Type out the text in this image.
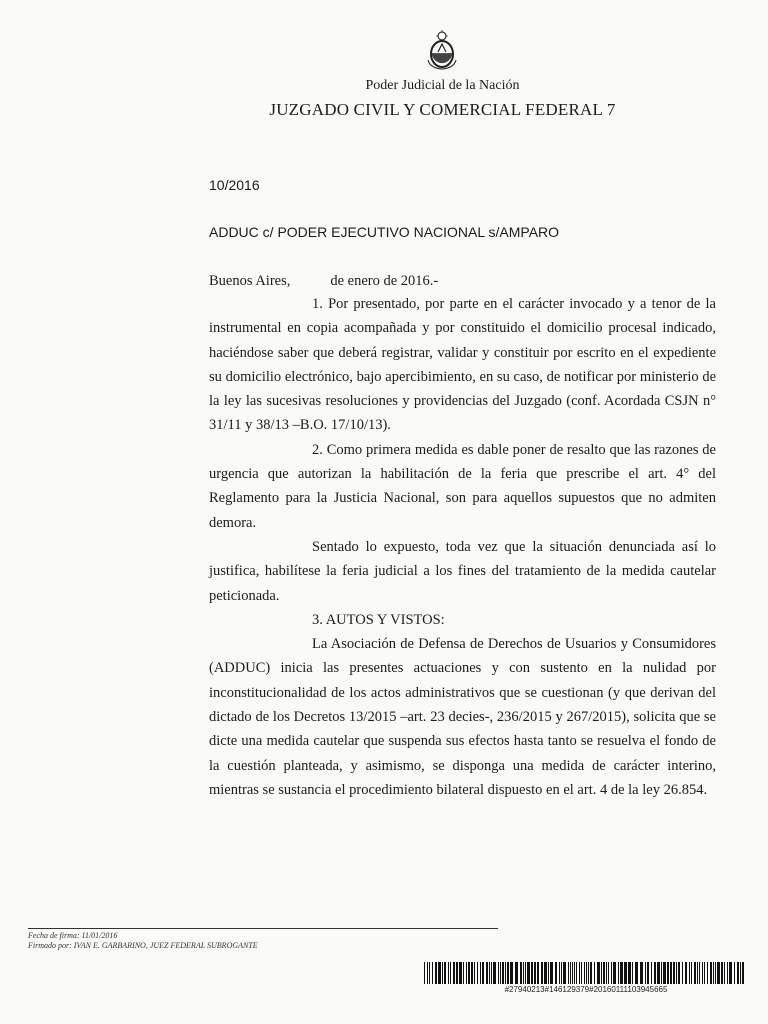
Poder Judicial de la Nación
JUZGADO CIVIL Y COMERCIAL FEDERAL 7
10/2016
ADDUC c/ PODER EJECUTIVO NACIONAL s/AMPARO
Buenos Aires,	de enero de 2016.-

1. Por presentado, por parte en el carácter invocado y a tenor de la instrumental en copia acompañada y por constituido el domicilio procesal indicado, haciéndose saber que deberá registrar, validar y constituir por escrito en el expediente su domicilio electrónico, bajo apercibimiento, en su caso, de notificar por ministerio de la ley las sucesivas resoluciones y providencias del Juzgado (conf. Acordada CSJN n° 31/11 y 38/13 –B.O. 17/10/13).

2. Como primera medida es dable poner de resalto que las razones de urgencia que autorizan la habilitación de la feria que prescribe el art. 4° del Reglamento para la Justicia Nacional, son para aquellos supuestos que no admiten demora.

Sentado lo expuesto, toda vez que la situación denunciada así lo justifica, habilítese la feria judicial a los fines del tratamiento de la medida cautelar peticionada.

3. AUTOS Y VISTOS:

La Asociación de Defensa de Derechos de Usuarios y Consumidores (ADDUC) inicia las presentes actuaciones y con sustento en la nulidad por inconstitucionalidad de los actos administrativos que se cuestionan (y que derivan del dictado de los Decretos 13/2015 –art. 23 decies-, 236/2015 y 267/2015), solicita que se dicte una medida cautelar que suspenda sus efectos hasta tanto se resuelva el fondo de la cuestión planteada, y asimismo, se disponga una medida de carácter interino, mientras se sustancia el procedimiento bilateral dispuesto en el art. 4 de la ley 26.854.

Fecha de firma: 11/01/2016
Firmado por: IVAN E. GARBARINO, JUEZ FEDERAL SUBROGANTE
#27940213#146129379#20160111103945665
